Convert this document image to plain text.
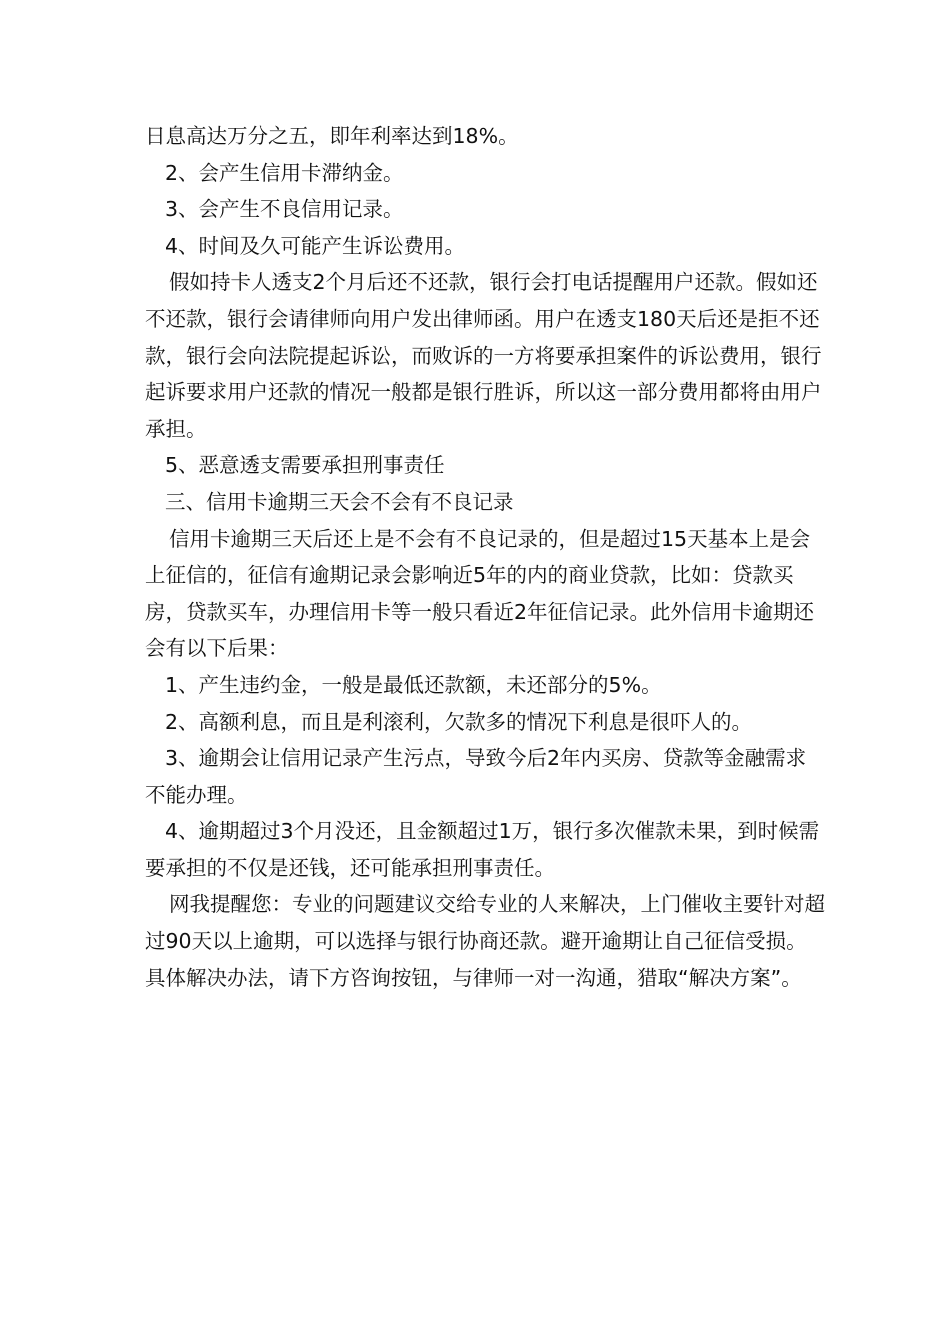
日息高达万分之五，即年利率达到18%。

2、会产生信用卡滞纳金。

3、会产生不良信用记录。

4、时间及久可能产生诉讼费用。

假如持卡人透支2个月后还不还款，银行会打电话提醒用户还款。假如还不还款，银行会请律师向用户发出律师函。用户在透支180天后还是拒不还款，银行会向法院提起诉讼，而败诉的一方将要承担案件的诉讼费用，银行起诉要求用户还款的情况一般都是银行胜诉，所以这一部分费用都将由用户承担。

5、恶意透支需要承担刑事责任

三、信用卡逾期三天会不会有不良记录

信用卡逾期三天后还上是不会有不良记录的，但是超过15天基本上是会上征信的，征信有逾期记录会影响近5年的内的商业贷款，比如：贷款买房，贷款买车，办理信用卡等一般只看近2年征信记录。此外信用卡逾期还会有以下后果：

1、产生违约金，一般是最低还款额，未还部分的5%。

2、高额利息，而且是利滚利，欠款多的情况下利息是很吓人的。

3、逾期会让信用记录产生污点，导致今后2年内买房、贷款等金融需求不能办理。

4、逾期超过3个月没还，且金额超过1万，银行多次催款未果，到时候需要承担的不仅是还钱，还可能承担刑事责任。

网我提醒您：专业的问题建议交给专业的人来解决，上门催收主要针对超过90天以上逾期，可以选择与银行协商还款。避开逾期让自己征信受损。具体解决办法，请下方咨询按钮，与律师一对一沟通，猎取“解决方案”。
